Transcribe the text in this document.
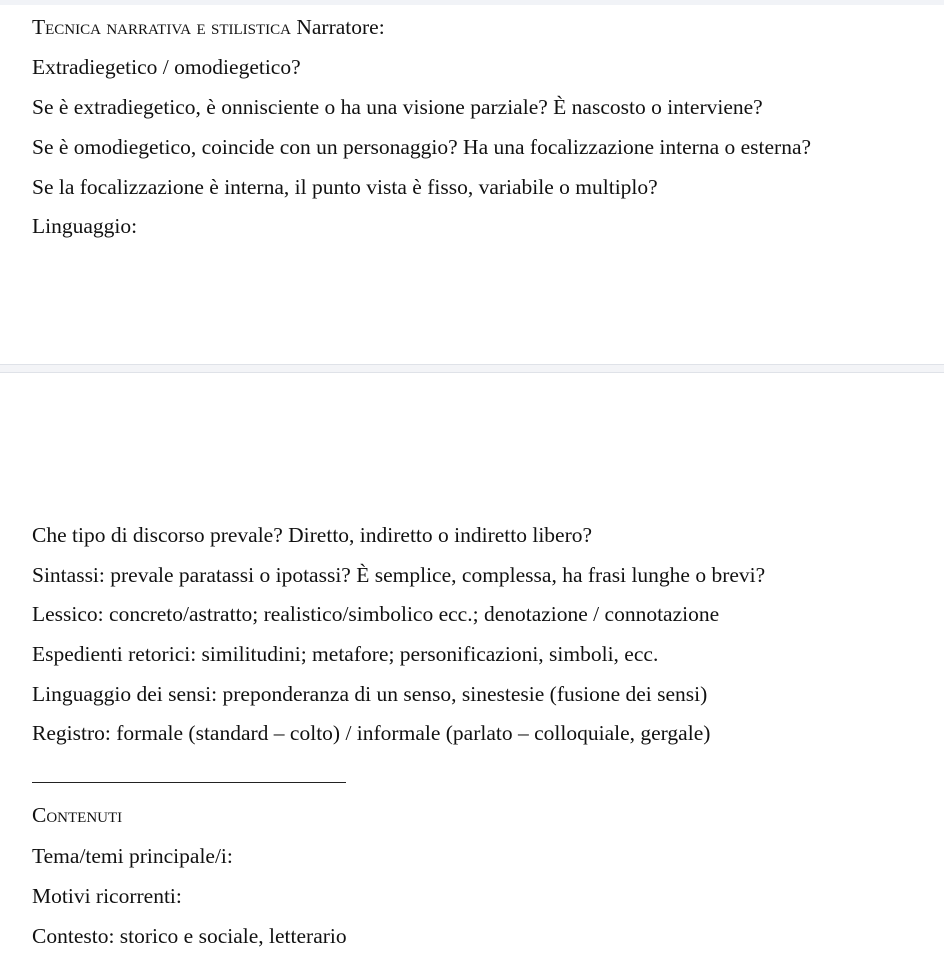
Tecnica narrativa e stilistica Narratore:
Extradiegetico / omodiegetico?
Se è extradiegetico, è onnisciente o ha una visione parziale? È nascosto o interviene?
Se è omodiegetico, coincide con un personaggio? Ha una focalizzazione interna o esterna?
Se la focalizzazione è interna, il punto vista è fisso, variabile o multiplo?
Linguaggio:
Che tipo di discorso prevale? Diretto, indiretto o indiretto libero?
Sintassi: prevale paratassi o ipotassi? È semplice, complessa, ha frasi lunghe o brevi?
Lessico: concreto/astratto; realistico/simbolico ecc.; denotazione / connotazione
Espedienti retorici: similitudini; metafore; personificazioni, simboli, ecc.
Linguaggio dei sensi: preponderanza di un senso, sinestesie (fusione dei sensi)
Registro: formale (standard – colto) / informale (parlato – colloquiale, gergale)
Contenuti
Tema/temi principale/i:
Motivi ricorrenti:
Contesto: storico e sociale, letterario
